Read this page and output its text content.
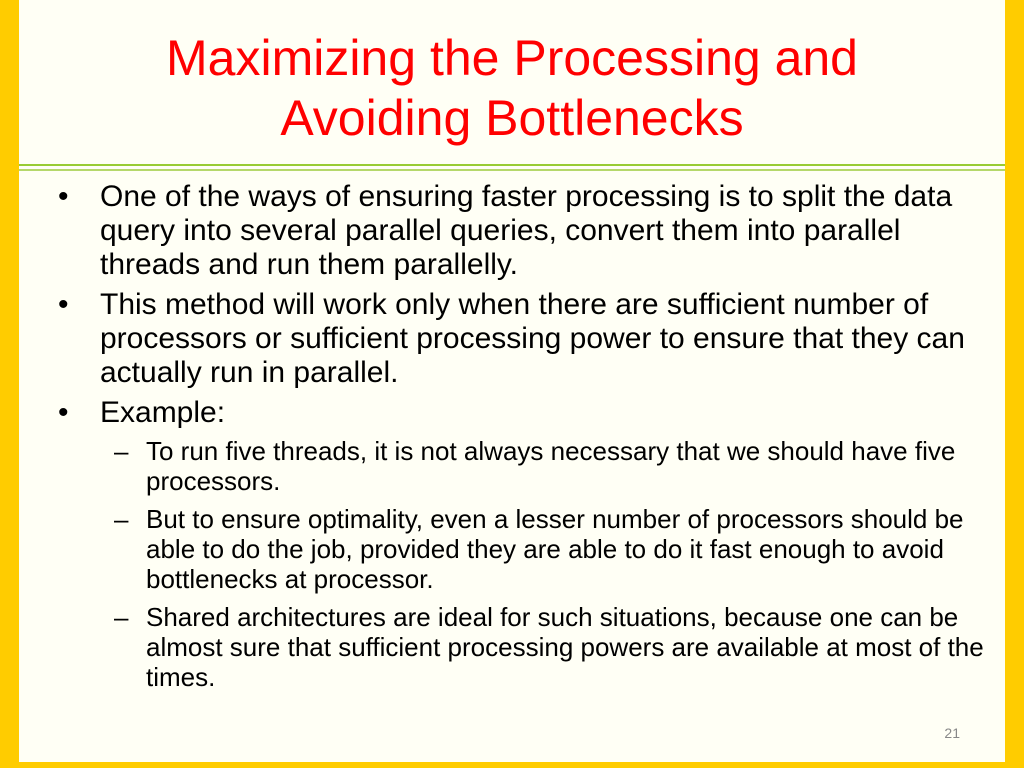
Maximizing the Processing and
Avoiding Bottlenecks
• One of the ways of ensuring faster processing is to split the data query into several parallel queries, convert them into parallel threads and run them parallelly.
• This method will work only when there are sufficient number of processors or sufficient processing power to ensure that they can actually run in parallel.
• Example:
– To run five threads, it is not always necessary that we should have five processors.
– But to ensure optimality, even a lesser number of processors should be able to do the job, provided they are able to do it fast enough to avoid bottlenecks at processor.
– Shared architectures are ideal for such situations, because one can be almost sure that sufficient processing powers are available at most of the times.
21
